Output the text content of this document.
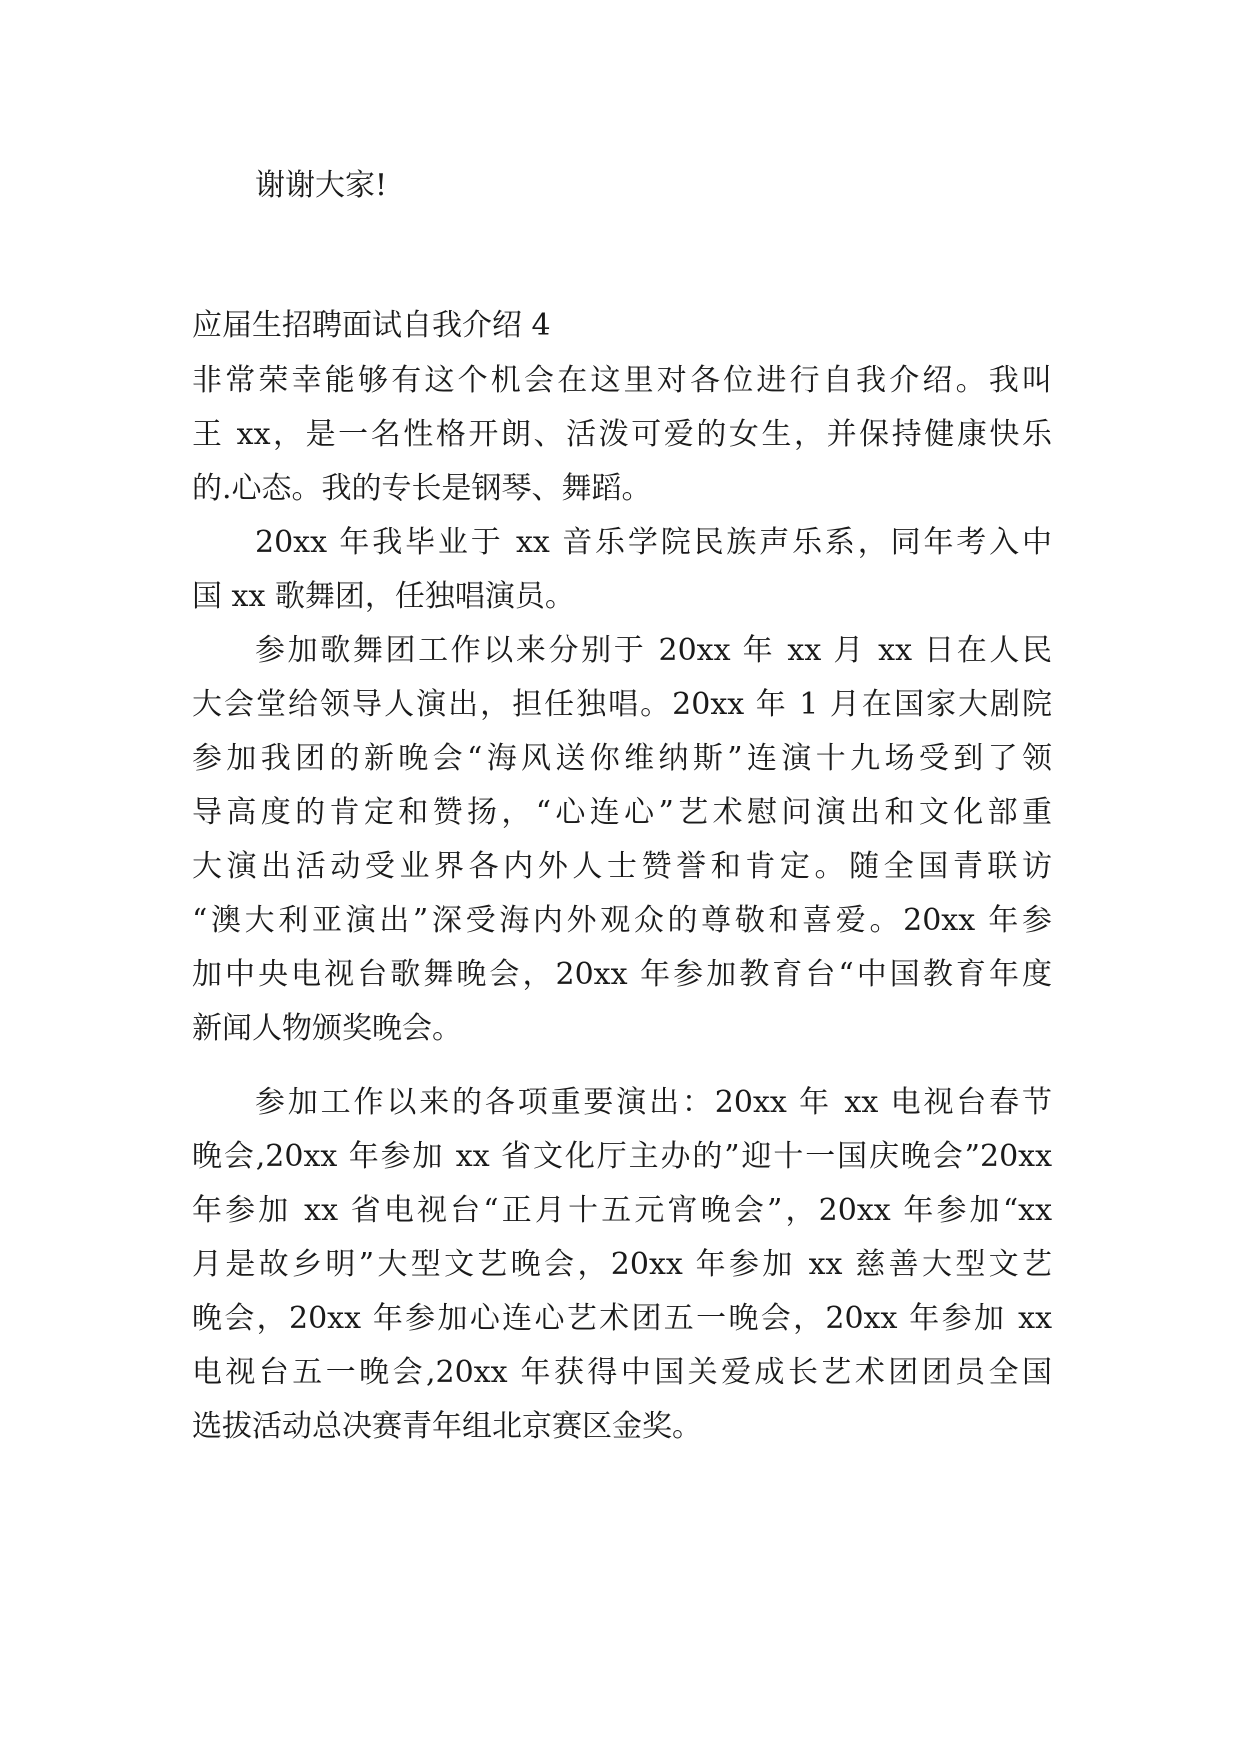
谢谢大家!
应届生招聘面试自我介绍 4
非常荣幸能够有这个机会在这里对各位进行自我介绍。我叫
王 xx，是一名性格开朗、活泼可爱的女生，并保持健康快乐
的.心态。我的专长是钢琴、舞蹈。
20xx 年我毕业于 xx 音乐学院民族声乐系，同年考入中
国 xx 歌舞团，任独唱演员。
参加歌舞团工作以来分别于 20xx 年 xx 月 xx 日在人民
大会堂给领导人演出，担任独唱。20xx 年 1 月在国家大剧院
参加我团的新晚会“海风送你维纳斯”连演十九场受到了领
导高度的肯定和赞扬，“心连心”艺术慰问演出和文化部重
大演出活动受业界各内外人士赞誉和肯定。随全国青联访
“澳大利亚演出”深受海内外观众的尊敬和喜爱。20xx 年参
加中央电视台歌舞晚会，20xx 年参加教育台“中国教育年度
新闻人物颁奖晚会。
参加工作以来的各项重要演出：20xx 年 xx 电视台春节
晚会,20xx 年参加 xx 省文化厅主办的”迎十一国庆晚会”20xx
年参加 xx 省电视台“正月十五元宵晚会”，20xx 年参加“xx
月是故乡明”大型文艺晚会，20xx 年参加 xx 慈善大型文艺
晚会，20xx 年参加心连心艺术团五一晚会，20xx 年参加 xx
电视台五一晚会,20xx 年获得中国关爱成长艺术团团员全国
选拔活动总决赛青年组北京赛区金奖。
